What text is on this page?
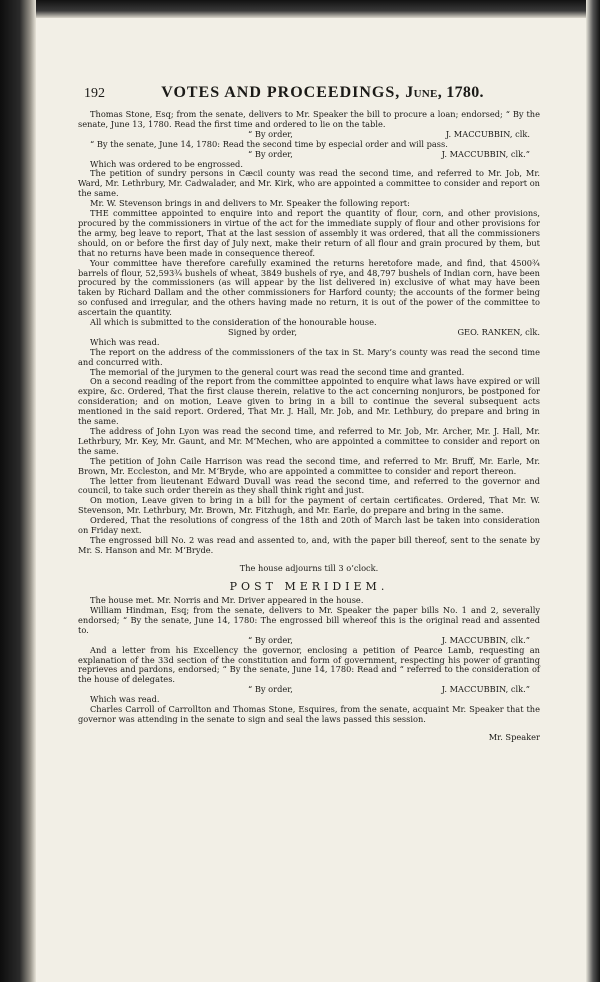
192	VOTES AND PROCEEDINGS, June, 1780.

Thomas Stone, Esq; from the senate, delivers to Mr. Speaker the bill to procure a loan; endorsed; “ By the senate, June 13, 1780. Read the first time and ordered to lie on the table.

“ By order,	J. MACCUBBIN, clk.

“ By the senate, June 14, 1780: Read the second time by especial order and will pass.

“ By order,	J. MACCUBBIN, clk.”

Which was ordered to be engrossed.

The petition of sundry persons in Cæcil county was read the second time, and referred to Mr. Job, Mr. Ward, Mr. Lethrbury, Mr. Cadwalader, and Mr. Kirk, who are appointed a committee to consider and report on the same.

Mr. W. Stevenson brings in and delivers to Mr. Speaker the following report:

THE committee appointed to enquire into and report the quantity of flour, corn, and other provisions, procured by the commissioners in virtue of the act for the immediate supply of flour and other provisions for the army, beg leave to report, That at the last session of assembly it was ordered, that all the commissioners should, on or before the first day of July next, make their return of all flour and grain procured by them, but that no returns have been made in consequence thereof.

Your committee have therefore carefully examined the returns heretofore made, and find, that 4500¾ barrels of flour, 52,593¾ bushels of wheat, 3849 bushels of rye, and 48,797 bushels of Indian corn, have been procured by the commissioners (as will appear by the list delivered in) exclusive of what may have been taken by Richard Dallam and the other commissioners for Harford county; the accounts of the former being so confused and irregular, and the others having made no return, it is out of the power of the committee to ascertain the quantity.

All which is submitted to the consideration of the honourable house.

Signed by order,	GEO. RANKEN, clk.

Which was read.

The report on the address of the commissioners of the tax in St. Mary’s county was read the second time and concurred with.

The memorial of the jurymen to the general court was read the second time and granted.

On a second reading of the report from the committee appointed to enquire what laws have expired or will expire, &c. Ordered, That the first clause therein, relative to the act concerning nonjurors, be postponed for consideration; and on motion, Leave given to bring in a bill to continue the several subsequent acts mentioned in the said report. Ordered, That Mr. J. Hall, Mr. Job, and Mr. Lethbury, do prepare and bring in the same.

The address of John Lyon was read the second time, and referred to Mr. Job, Mr. Archer, Mr. J. Hall, Mr. Lethrbury, Mr. Key, Mr. Gaunt, and Mr. M‘Mechen, who are appointed a committee to consider and report on the same.

The petition of John Caile Harrison was read the second time, and referred to Mr. Bruff, Mr. Earle, Mr. Brown, Mr. Eccleston, and Mr. M‘Bryde, who are appointed a committee to consider and report thereon.

The letter from lieutenant Edward Duvall was read the second time, and referred to the governor and council, to take such order therein as they shall think right and just.

On motion, Leave given to bring in a bill for the payment of certain certificates. Ordered, That Mr. W. Stevenson, Mr. Lethrbury, Mr. Brown, Mr. Fitzhugh, and Mr. Earle, do prepare and bring in the same.

Ordered, That the resolutions of congress of the 18th and 20th of March last be taken into consideration on Friday next.

The engrossed bill No. 2 was read and assented to, and, with the paper bill thereof, sent to the senate by Mr. S. Hanson and Mr. M‘Bryde.

The house adjourns till 3 o’clock.

POST MERIDIEM.

The house met. Mr. Norris and Mr. Driver appeared in the house.

William Hindman, Esq; from the senate, delivers to Mr. Speaker the paper bills No. 1 and 2, severally endorsed; “ By the senate, June 14, 1780: The engrossed bill whereof this is the original read and assented to.

“ By order,	J. MACCUBBIN, clk.”

And a letter from his Excellency the governor, enclosing a petition of Pearce Lamb, requesting an explanation of the 33d section of the constitution and form of government, respecting his power of granting reprieves and pardons, endorsed; “ By the senate, June 14, 1780: Read and “ referred to the consideration of the house of delegates.

“ By order,	J. MACCUBBIN, clk.”

Which was read.

Charles Carroll of Carrollton and Thomas Stone, Esquires, from the senate, acquaint Mr. Speaker that the governor was attending in the senate to sign and seal the laws passed this session.

Mr. Speaker
